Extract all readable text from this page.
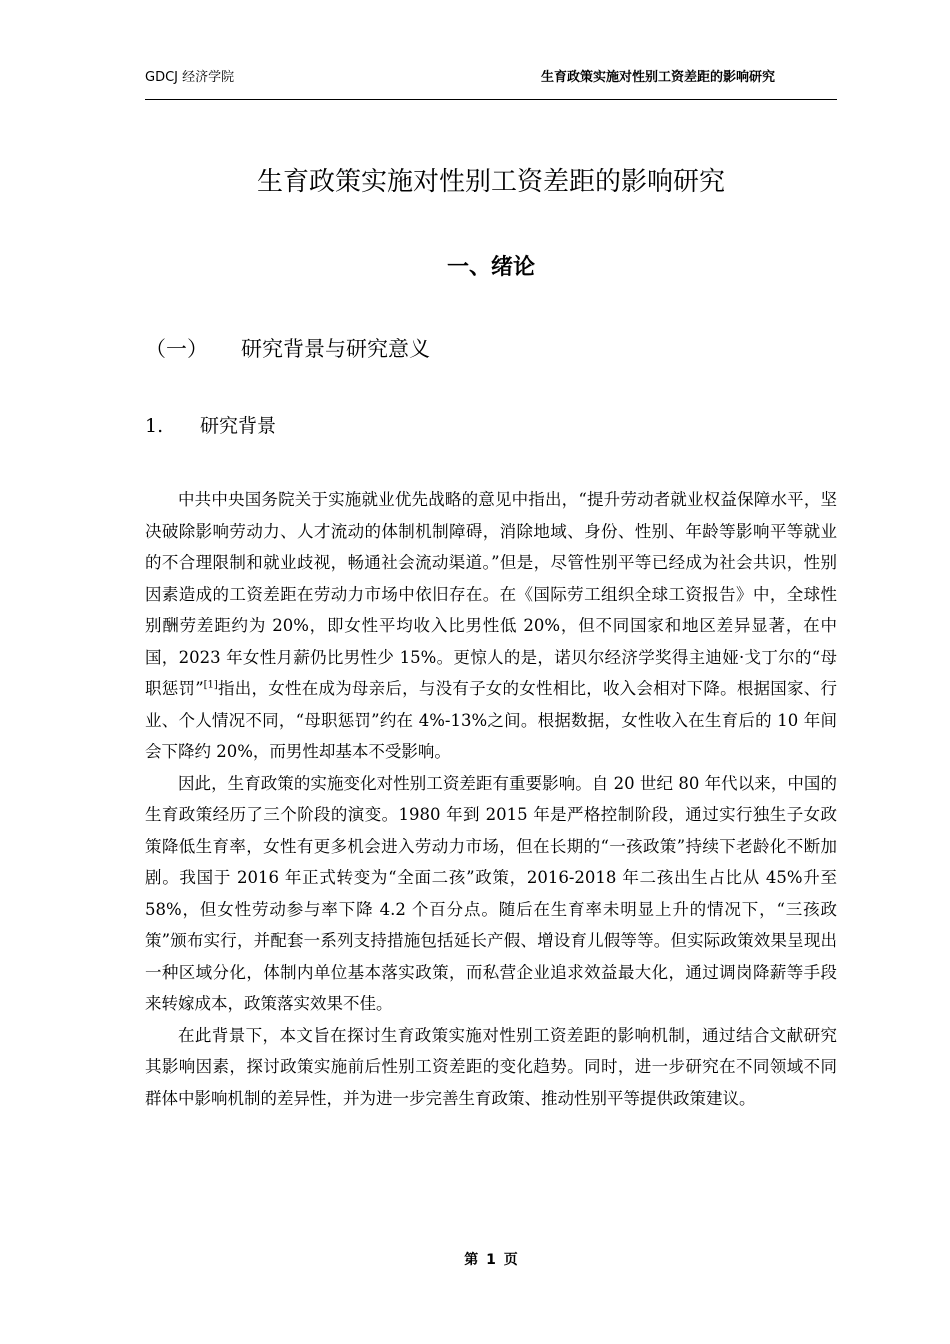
GDCJ 经济学院	生育政策实施对性别工资差距的影响研究
生育政策实施对性别工资差距的影响研究
一、绪论
（一） 研究背景与研究意义
1. 研究背景

中共中央国务院关于实施就业优先战略的意见中指出，“提升劳动者就业权益保障水平，坚决破除影响劳动力、人才流动的体制机制障碍，消除地域、身份、性别、年龄等影响平等就业的不合理限制和就业歧视，畅通社会流动渠道。”但是，尽管性别平等已经成为社会共识，性别因素造成的工资差距在劳动力市场中依旧存在。在《国际劳工组织全球工资报告》中，全球性别酬劳差距约为 20%，即女性平均收入比男性低 20%，但不同国家和地区差异显著，在中国，2023 年女性月薪仍比男性少 15%。更惊人的是，诺贝尔经济学奖得主迪娅·戈丁尔的“母职惩罚”[1]指出，女性在成为母亲后，与没有子女的女性相比，收入会相对下降。根据国家、行业、个人情况不同，“母职惩罚”约在 4%-13%之间。根据数据，女性收入在生育后的 10 年间会下降约 20%，而男性却基本不受影响。

因此，生育政策的实施变化对性别工资差距有重要影响。自 20 世纪 80 年代以来，中国的生育政策经历了三个阶段的演变。1980 年到 2015 年是严格控制阶段，通过实行独生子女政策降低生育率，女性有更多机会进入劳动力市场，但在长期的“一孩政策”持续下老龄化不断加剧。我国于 2016 年正式转变为“全面二孩”政策，2016-2018 年二孩出生占比从 45%升至 58%，但女性劳动参与率下降 4.2 个百分点。随后在生育率未明显上升的情况下，“三孩政策”颁布实行，并配套一系列支持措施包括延长产假、增设育儿假等等。但实际政策效果呈现出一种区域分化，体制内单位基本落实政策，而私营企业追求效益最大化，通过调岗降薪等手段来转嫁成本，政策落实效果不佳。

在此背景下，本文旨在探讨生育政策实施对性别工资差距的影响机制，通过结合文献研究其影响因素，探讨政策实施前后性别工资差距的变化趋势。同时，进一步研究在不同领域不同群体中影响机制的差异性，并为进一步完善生育政策、推动性别平等提供政策建议。

第 1 页
